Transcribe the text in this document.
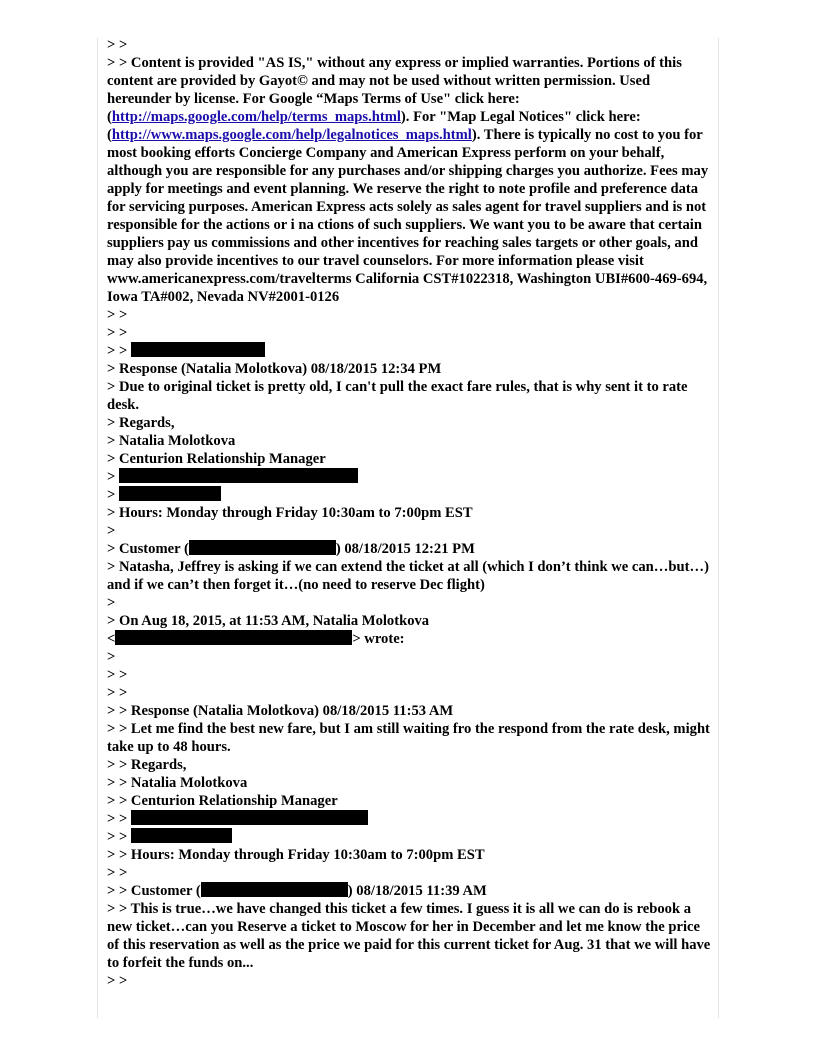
> >

> > Content is provided "AS IS," without any express or implied warranties. Portions of this content are provided by Gayot© and may not be used without written permission. Used hereunder by license. For Google “Maps Terms of Use" click here: (http://maps.google.com/help/terms_maps.html). For "Map Legal Notices" click here: (http://www.maps.google.com/help/legalnotices_maps.html). There is typically no cost to you for most booking efforts Concierge Company and American Express perform on your behalf, although you are responsible for any purchases and/or shipping charges you authorize. Fees may apply for meetings and event planning. We reserve the right to note profile and preference data for servicing purposes. American Express acts solely as sales agent for travel suppliers and is not responsible for the actions or i na ctions of such suppliers. We want you to be aware that certain suppliers pay us commissions and other incentives for reaching sales targets or other goals, and may also provide incentives to our travel counselors. For more information please visit www.americanexpress.com/travelterms California CST#1022318, Washington UBI#600-469-694, Iowa TA#002, Nevada NV#2001-0126

> >

> >

> >

> Response (Natalia Molotkova) 08/18/2015 12:34 PM

> Due to original ticket is pretty old, I can't pull the exact fare rules, that is why sent it to rate desk.

> Regards,

> Natalia Molotkova

> Centurion Relationship Manager

>

>

> Hours: Monday through Friday 10:30am to 7:00pm EST

>

> Customer (	) 08/18/2015 12:21 PM

> Natasha, Jeffrey is asking if we can extend the ticket at all (which I don’t think we can…but…) and if we can’t then forget it…(no need to reserve Dec flight)

>

> On Aug 18, 2015, at 11:53 AM, Natalia Molotkova

<	> wrote:

>

> >

> >

> > Response (Natalia Molotkova) 08/18/2015 11:53 AM

> > Let me find the best new fare, but I am still waiting fro the respond from the rate desk, might take up to 48 hours.

> > Regards,

> > Natalia Molotkova

> > Centurion Relationship Manager

> >

> >

> > Hours: Monday through Friday 10:30am to 7:00pm EST

> >

> > Customer (	) 08/18/2015 11:39 AM

> > This is true…we have changed this ticket a few times. I guess it is all we can do is rebook a new ticket…can you Reserve a ticket to Moscow for her in December and let me know the price of this reservation as well as the price we paid for this current ticket for Aug. 31 that we will have to forfeit the funds on...

> >
